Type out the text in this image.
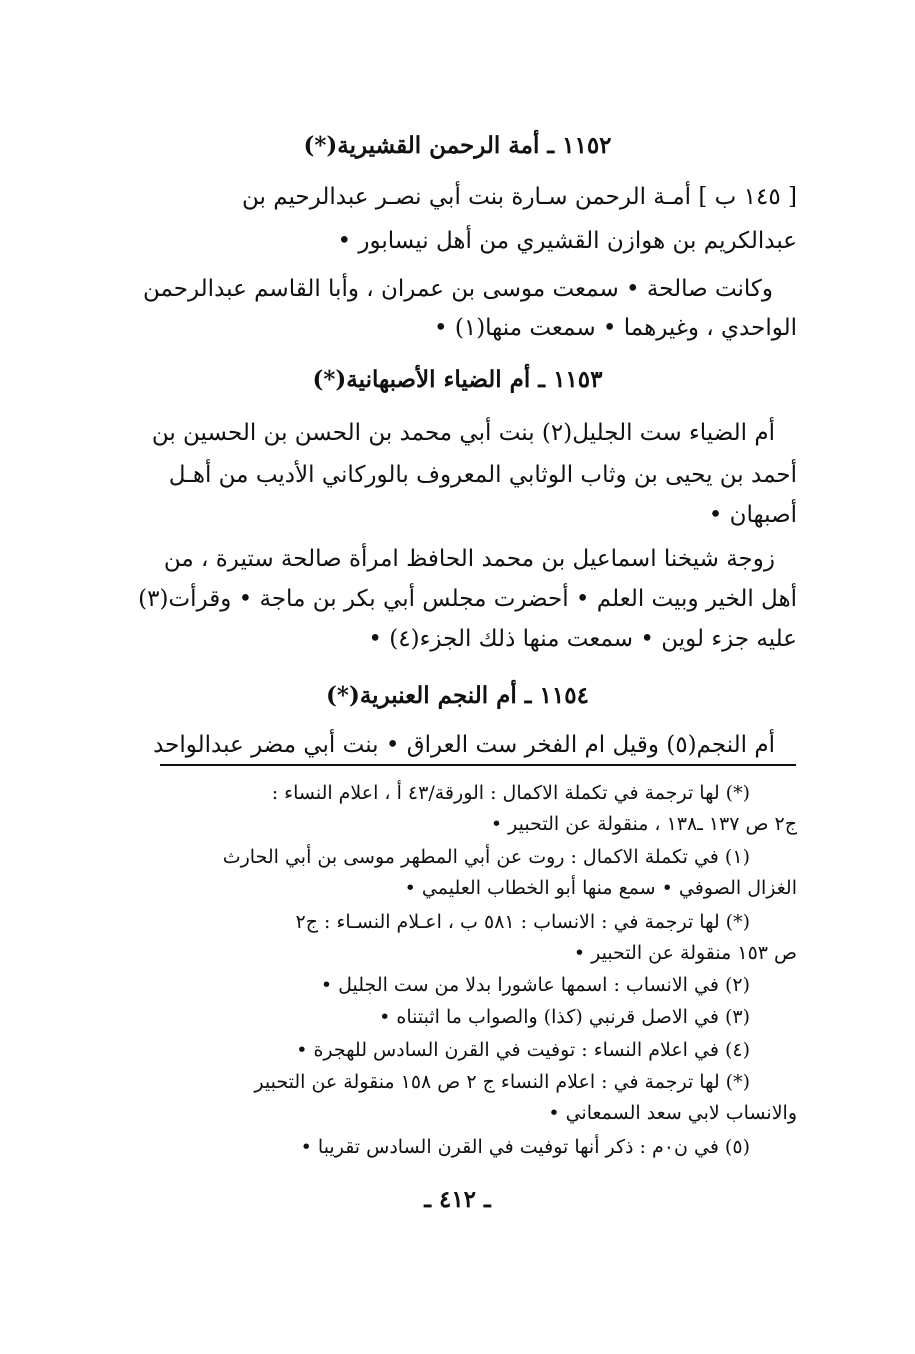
١١٥٢ ـ أمة الرحمن القشيرية(*)
[ ١٤٥ ب ] أمـة الرحمن سـارة بنت أبي نصـر عبدالرحيم بن
عبدالكريم بن هوازن القشيري من أهل نيسابور •
وكانت صالحة • سمعت موسى بن عمران ، وأبا القاسم عبدالرحمن
الواحدي ، وغيرهما • سمعت منها(١) •
١١٥٣ ـ أم الضياء الأصبهانية(*)
أم الضياء ست الجليل(٢) بنت أبي محمد بن الحسن بن الحسين بن
أحمد بن يحيى بن وثاب الوثابي المعروف بالوركاني الأديب من أهـل
أصبهان •
زوجة شيخنا اسماعيل بن محمد الحافظ امرأة صالحة ستيرة ، من
أهل الخير وبيت العلم • أحضرت مجلس أبي بكر بن ماجة • وقرأت(٣)
عليه جزء لوين • سمعت منها ذلك الجزء(٤) •
١١٥٤ ـ أم النجم العنبرية(*)
أم النجم(٥) وقيل ام الفخر ست العراق • بنت أبي مضر عبدالواحد
(*) لها ترجمة في تكملة الاكمال : الورقة/٤٣ أ ، اعلام النساء :
ج٢ ص ١٣٧ ـ١٣٨ ، منقولة عن التحبير •
(١) في تكملة الاكمال : روت عن أبي المطهر موسى بن أبي الحارث
الغزال الصوفي • سمع منها أبو الخطاب العليمي •
(*) لها ترجمة في : الانساب : ٥٨١ ب ، اعـلام النسـاء : ج٢
ص ١٥٣ منقولة عن التحبير •
(٢) في الانساب : اسمها عاشورا بدلا من ست الجليل •
(٣) في الاصل قرنبي (كذا) والصواب ما اثبتناه •
(٤) في اعلام النساء : توفيت في القرن السادس للهجرة •
(*) لها ترجمة في : اعلام النساء ج ٢ ص ١٥٨ منقولة عن التحبير
والانساب لابي سعد السمعاني •
(٥) في ن٠م : ذكر أنها توفيت في القرن السادس تقريبا •
ـ ٤١٢ ـ
